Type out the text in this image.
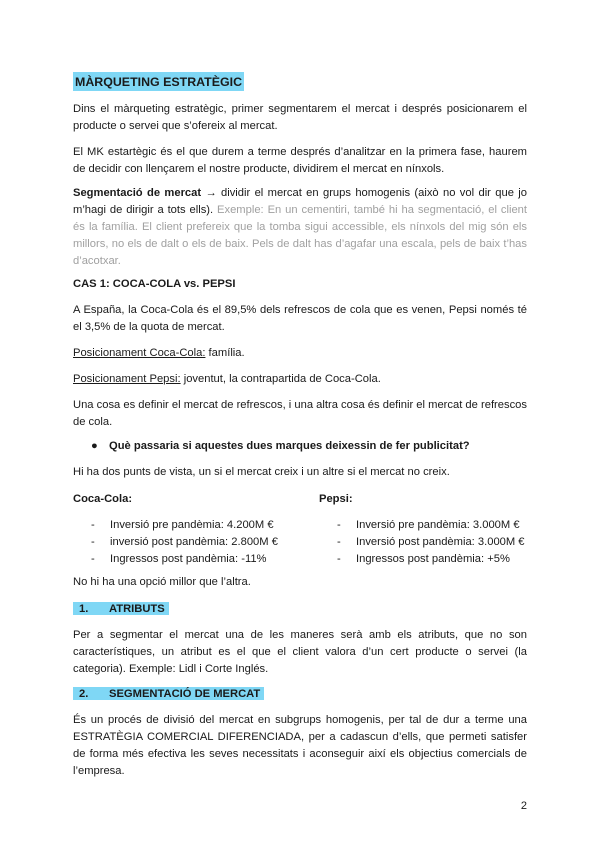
MÀRQUETING ESTRATÈGIC

Dins el màrqueting estratègic, primer segmentarem el mercat i després posicionarem el producte o servei que s’ofereix al mercat.

El MK estartègic és el que durem a terme després d’analitzar en la primera fase, haurem de decidir con llençarem el nostre producte, dividirem el mercat en nínxols.

Segmentació de mercat → dividir el mercat en grups homogenis (això no vol dir que jo m’hagi de dirigir a tots ells). Exemple: En un cementiri, també hi ha segmentació, el client és la família. El client prefereix que la tomba sigui accessible, els nínxols del mig són els millors, no els de dalt o els de baix. Pels de dalt has d’agafar una escala, pels de baix t’has d’acotxar.

CAS 1: COCA-COLA vs. PEPSI

A España, la Coca-Cola és el 89,5% dels refrescos de cola que es venen, Pepsi només té el 3,5% de la quota de mercat.

Posicionament Coca-Cola: família.

Posicionament Pepsi: joventut, la contrapartida de Coca-Cola.

Una cosa es definir el mercat de refrescos, i una altra cosa és definir el mercat de refrescos de cola.

● Què passaria si aquestes dues marques deixessin de fer publicitat?

Hi ha dos punts de vista, un si el mercat creix i un altre si el mercat no creix.

Coca-Cola:
- Inversió pre pandèmia: 4.200M €
- inversió post pandèmia: 2.800M €
- Ingressos post pandèmia: -11%
Pepsi:
- Inversió pre pandèmia: 3.000M €
- Inversió post pandèmia: 3.000M €
- Ingressos post pandèmia: +5%

No hi ha una opció millor que l’altra.

1. ATRIBUTS

Per a segmentar el mercat una de les maneres serà amb els atributs, que no son característiques, un atribut es el que el client valora d’un cert producte o servei (la categoria). Exemple: Lidl i Corte Inglés.

2. SEGMENTACIÓ DE MERCAT

És un procés de divisió del mercat en subgrups homogenis, per tal de dur a terme una ESTRATÈGIA COMERCIAL DIFERENCIADA, per a cadascun d’ells, que permeti satisfer de forma més efectiva les seves necessitats i aconseguir així els objectius comercials de l’empresa.

2
